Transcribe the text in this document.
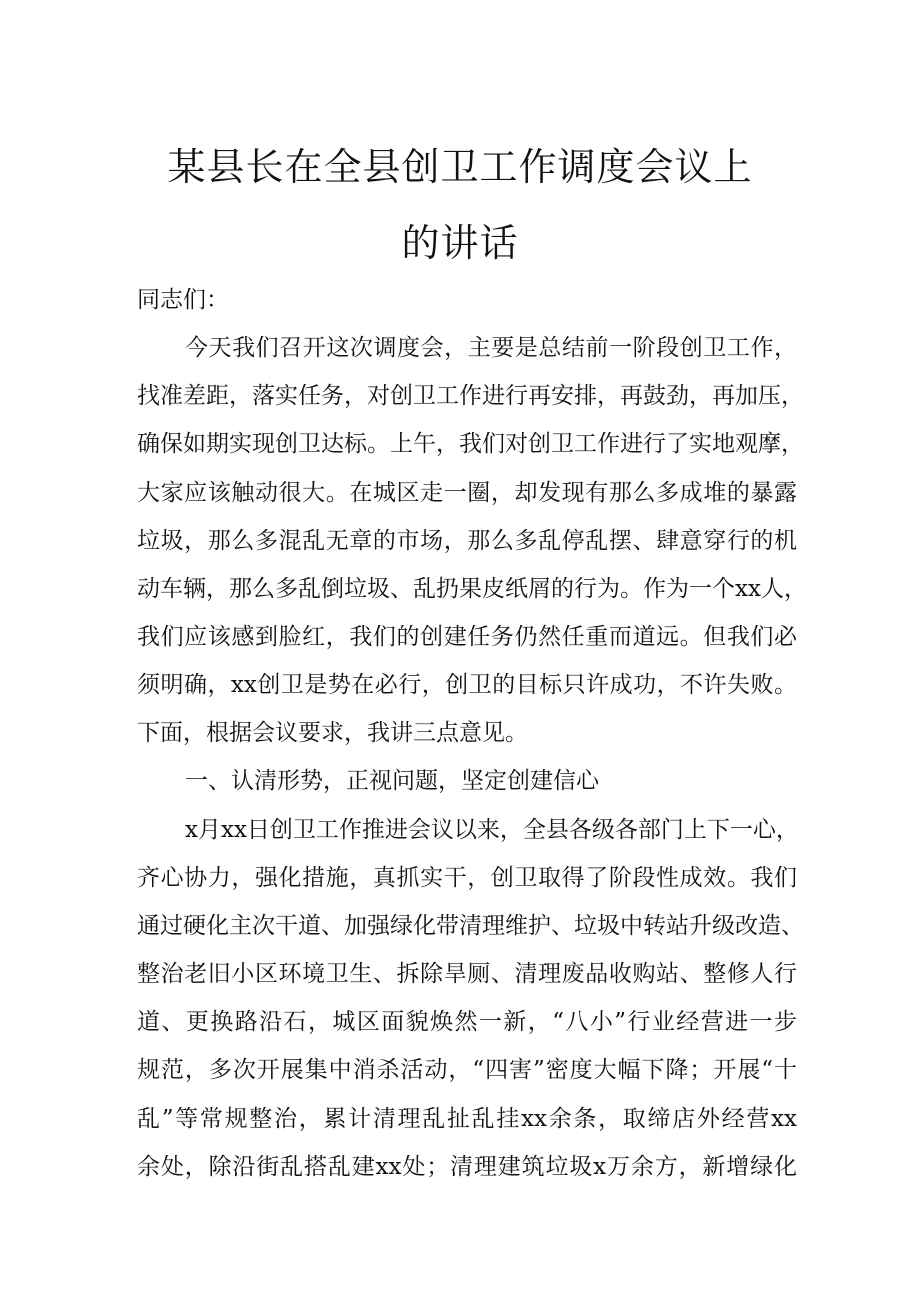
某县长在全县创卫工作调度会议上
的讲话
同志们：
今天我们召开这次调度会，主要是总结前一阶段创卫工作，
找准差距，落实任务，对创卫工作进行再安排，再鼓劲，再加压，
确保如期实现创卫达标。上午，我们对创卫工作进行了实地观摩，
大家应该触动很大。在城区走一圈，却发现有那么多成堆的暴露
垃圾，那么多混乱无章的市场，那么多乱停乱摆、肆意穿行的机
动车辆，那么多乱倒垃圾、乱扔果皮纸屑的行为。作为一个xx人，
我们应该感到脸红，我们的创建任务仍然任重而道远。但我们必
须明确，xx创卫是势在必行，创卫的目标只许成功，不许失败。
下面，根据会议要求，我讲三点意见。
一、认清形势，正视问题，坚定创建信心
x月xx日创卫工作推进会议以来，全县各级各部门上下一心，
齐心协力，强化措施，真抓实干，创卫取得了阶段性成效。我们
通过硬化主次干道、加强绿化带清理维护、垃圾中转站升级改造、
整治老旧小区环境卫生、拆除旱厕、清理废品收购站、整修人行
道、更换路沿石，城区面貌焕然一新，“八小”行业经营进一步
规范，多次开展集中消杀活动，“四害”密度大幅下降；开展“十
乱”等常规整治，累计清理乱扯乱挂xx余条，取缔店外经营xx
余处，除沿街乱搭乱建xx处；清理建筑垃圾x万余方，新增绿化
